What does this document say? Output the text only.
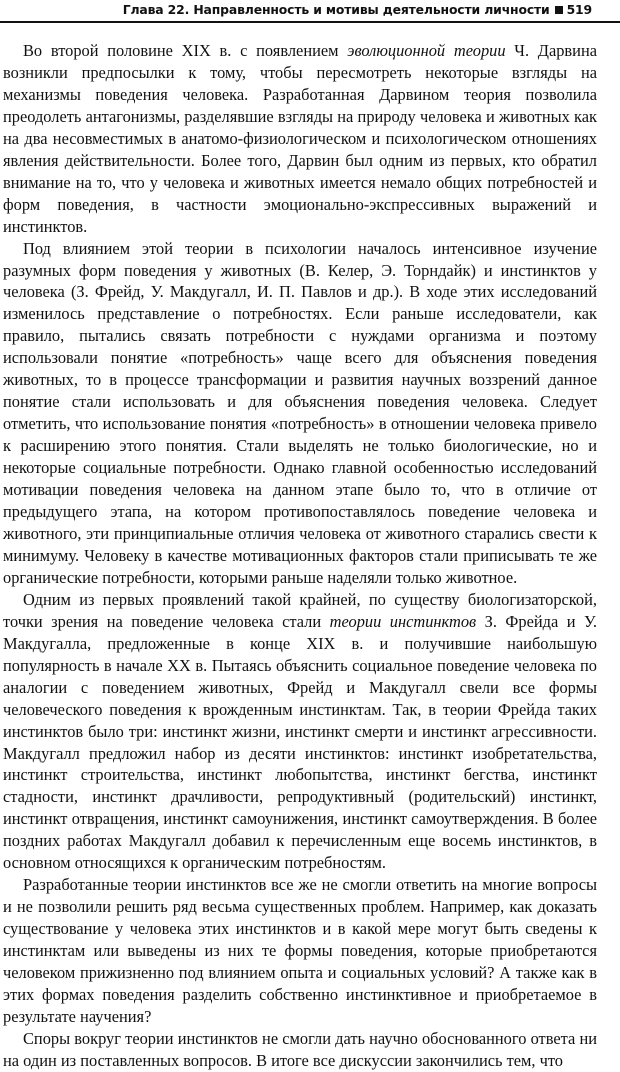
Глава 22. Направленность и мотивы деятельности личности 519

Во второй половине XIX в. с появлением эволюционной теории Ч. Дарвина возникли предпосылки к тому, чтобы пересмотреть некоторые взгляды на механизмы поведения человека. Разработанная Дарвином теория позволила преодолеть антагонизмы, разделявшие взгляды на природу человека и животных как на два несовместимых в анатомо-физиологическом и психологическом отношениях явления действительности. Более того, Дарвин был одним из первых, кто обратил внимание на то, что у человека и животных имеется немало общих потребностей и форм поведения, в частности эмоционально-экспрессивных выражений и инстинктов.

Под влиянием этой теории в психологии началось интенсивное изучение разумных форм поведения у животных (В. Келер, Э. Торндайк) и инстинктов у человека (З. Фрейд, У. Макдугалл, И. П. Павлов и др.). В ходе этих исследований изменилось представление о потребностях. Если раньше исследователи, как правило, пытались связать потребности с нуждами организма и поэтому использовали понятие «потребность» чаще всего для объяснения поведения животных, то в процессе трансформации и развития научных воззрений данное понятие стали использовать и для объяснения поведения человека. Следует отметить, что использование понятия «потребность» в отношении человека привело к расширению этого понятия. Стали выделять не только биологические, но и некоторые социальные потребности. Однако главной особенностью исследований мотивации поведения человека на данном этапе было то, что в отличие от предыдущего этапа, на котором противопоставлялось поведение человека и животного, эти принципиальные отличия человека от животного старались свести к минимуму. Человеку в качестве мотивационных факторов стали приписывать те же органические потребности, которыми раньше наделяли только животное.

Одним из первых проявлений такой крайней, по существу биологизаторской, точки зрения на поведение человека стали теории инстинктов З. Фрейда и У. Макдугалла, предложенные в конце XIX в. и получившие наибольшую популярность в начале XX в. Пытаясь объяснить социальное поведение человека по аналогии с поведением животных, Фрейд и Макдугалл свели все формы человеческого поведения к врожденным инстинктам. Так, в теории Фрейда таких инстинктов было три: инстинкт жизни, инстинкт смерти и инстинкт агрессивности. Макдугалл предложил набор из десяти инстинктов: инстинкт изобретательства, инстинкт строительства, инстинкт любопытства, инстинкт бегства, инстинкт стадности, инстинкт драчливости, репродуктивный (родительский) инстинкт, инстинкт отвращения, инстинкт самоунижения, инстинкт самоутверждения. В более поздних работах Макдугалл добавил к перечисленным еще восемь инстинктов, в основном относящихся к органическим потребностям.

Разработанные теории инстинктов все же не смогли ответить на многие вопросы и не позволили решить ряд весьма существенных проблем. Например, как доказать существование у человека этих инстинктов и в какой мере могут быть сведены к инстинктам или выведены из них те формы поведения, которые приобретаются человеком прижизненно под влиянием опыта и социальных условий? А также как в этих формах поведения разделить собственно инстинктивное и приобретаемое в результате научения?

Споры вокруг теории инстинктов не смогли дать научно обоснованного ответа ни на один из поставленных вопросов. В итоге все дискуссии закончились тем, что
